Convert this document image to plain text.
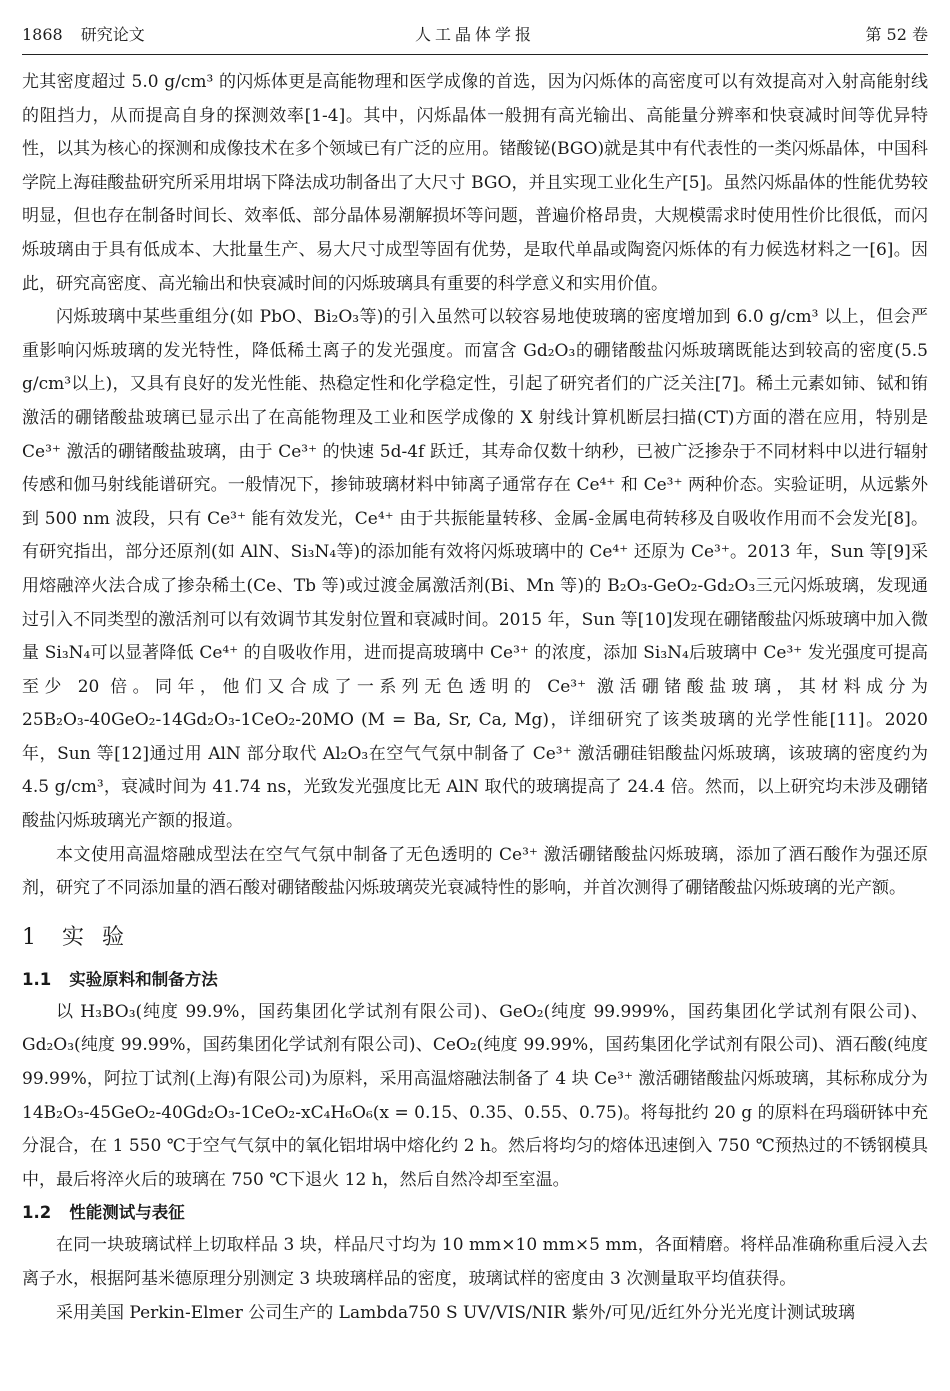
1868 研究论文	人工晶体学报	第 52 卷

尤其密度超过 5.0 g/cm³ 的闪烁体更是高能物理和医学成像的首选，因为闪烁体的高密度可以有效提高对入射高能射线的阻挡力，从而提高自身的探测效率[1-4]。其中，闪烁晶体一般拥有高光输出、高能量分辨率和快衰减时间等优异特性，以其为核心的探测和成像技术在多个领域已有广泛的应用。锗酸铋(BGO)就是其中有代表性的一类闪烁晶体，中国科学院上海硅酸盐研究所采用坩埚下降法成功制备出了大尺寸 BGO，并且实现工业化生产[5]。虽然闪烁晶体的性能优势较明显，但也存在制备时间长、效率低、部分晶体易潮解损坏等问题，普遍价格昂贵，大规模需求时使用性价比很低，而闪烁玻璃由于具有低成本、大批量生产、易大尺寸成型等固有优势，是取代单晶或陶瓷闪烁体的有力候选材料之一[6]。因此，研究高密度、高光输出和快衰减时间的闪烁玻璃具有重要的科学意义和实用价值。

闪烁玻璃中某些重组分(如 PbO、Bi₂O₃等)的引入虽然可以较容易地使玻璃的密度增加到 6.0 g/cm³ 以上，但会严重影响闪烁玻璃的发光特性，降低稀土离子的发光强度。而富含 Gd₂O₃的硼锗酸盐闪烁玻璃既能达到较高的密度(5.5 g/cm³以上)，又具有良好的发光性能、热稳定性和化学稳定性，引起了研究者们的广泛关注[7]。稀土元素如铈、铽和铕激活的硼锗酸盐玻璃已显示出了在高能物理及工业和医学成像的 X 射线计算机断层扫描(CT)方面的潜在应用，特别是 Ce³⁺ 激活的硼锗酸盐玻璃，由于 Ce³⁺ 的快速 5d-4f 跃迁，其寿命仅数十纳秒，已被广泛掺杂于不同材料中以进行辐射传感和伽马射线能谱研究。一般情况下，掺铈玻璃材料中铈离子通常存在 Ce⁴⁺ 和 Ce³⁺ 两种价态。实验证明，从远紫外到 500 nm 波段，只有 Ce³⁺ 能有效发光，Ce⁴⁺ 由于共振能量转移、金属-金属电荷转移及自吸收作用而不会发光[8]。有研究指出，部分还原剂(如 AlN、Si₃N₄等)的添加能有效将闪烁玻璃中的 Ce⁴⁺ 还原为 Ce³⁺。2013 年，Sun 等[9]采用熔融淬火法合成了掺杂稀土(Ce、Tb 等)或过渡金属激活剂(Bi、Mn 等)的 B₂O₃-GeO₂-Gd₂O₃三元闪烁玻璃，发现通过引入不同类型的激活剂可以有效调节其发射位置和衰减时间。2015 年，Sun 等[10]发现在硼锗酸盐闪烁玻璃中加入微量 Si₃N₄可以显著降低 Ce⁴⁺ 的自吸收作用，进而提高玻璃中 Ce³⁺ 的浓度，添加 Si₃N₄后玻璃中 Ce³⁺ 发光强度可提高至少 20 倍。同年，他们又合成了一系列无色透明的 Ce³⁺ 激活硼锗酸盐玻璃，其材料成分为 25B₂O₃-40GeO₂-14Gd₂O₃-1CeO₂-20MO (M = Ba, Sr, Ca, Mg)，详细研究了该类玻璃的光学性能[11]。2020 年，Sun 等[12]通过用 AlN 部分取代 Al₂O₃在空气气氛中制备了 Ce³⁺ 激活硼硅铝酸盐闪烁玻璃，该玻璃的密度约为 4.5 g/cm³，衰减时间为 41.74 ns，光致发光强度比无 AlN 取代的玻璃提高了 24.4 倍。然而，以上研究均未涉及硼锗酸盐闪烁玻璃光产额的报道。

本文使用高温熔融成型法在空气气氛中制备了无色透明的 Ce³⁺ 激活硼锗酸盐闪烁玻璃，添加了酒石酸作为强还原剂，研究了不同添加量的酒石酸对硼锗酸盐闪烁玻璃荧光衰减特性的影响，并首次测得了硼锗酸盐闪烁玻璃的光产额。

1 实验
1.1 实验原料和制备方法

以 H₃BO₃(纯度 99.9%，国药集团化学试剂有限公司)、GeO₂(纯度 99.999%，国药集团化学试剂有限公司)、Gd₂O₃(纯度 99.99%，国药集团化学试剂有限公司)、CeO₂(纯度 99.99%，国药集团化学试剂有限公司)、酒石酸(纯度 99.99%，阿拉丁试剂(上海)有限公司)为原料，采用高温熔融法制备了 4 块 Ce³⁺ 激活硼锗酸盐闪烁玻璃，其标称成分为 14B₂O₃-45GeO₂-40Gd₂O₃-1CeO₂-xC₄H₆O₆(x = 0.15、0.35、0.55、0.75)。将每批约 20 g 的原料在玛瑙研钵中充分混合，在 1 550 ℃于空气气氛中的氧化铝坩埚中熔化约 2 h。然后将均匀的熔体迅速倒入 750 ℃预热过的不锈钢模具中，最后将淬火后的玻璃在 750 ℃下退火 12 h，然后自然冷却至室温。

1.2 性能测试与表征

在同一块玻璃试样上切取样品 3 块，样品尺寸均为 10 mm×10 mm×5 mm，各面精磨。将样品准确称重后浸入去离子水，根据阿基米德原理分别测定 3 块玻璃样品的密度，玻璃试样的密度由 3 次测量取平均值获得。

采用美国 Perkin-Elmer 公司生产的 Lambda750 S UV/VIS/NIR 紫外/可见/近红外分光光度计测试玻璃
